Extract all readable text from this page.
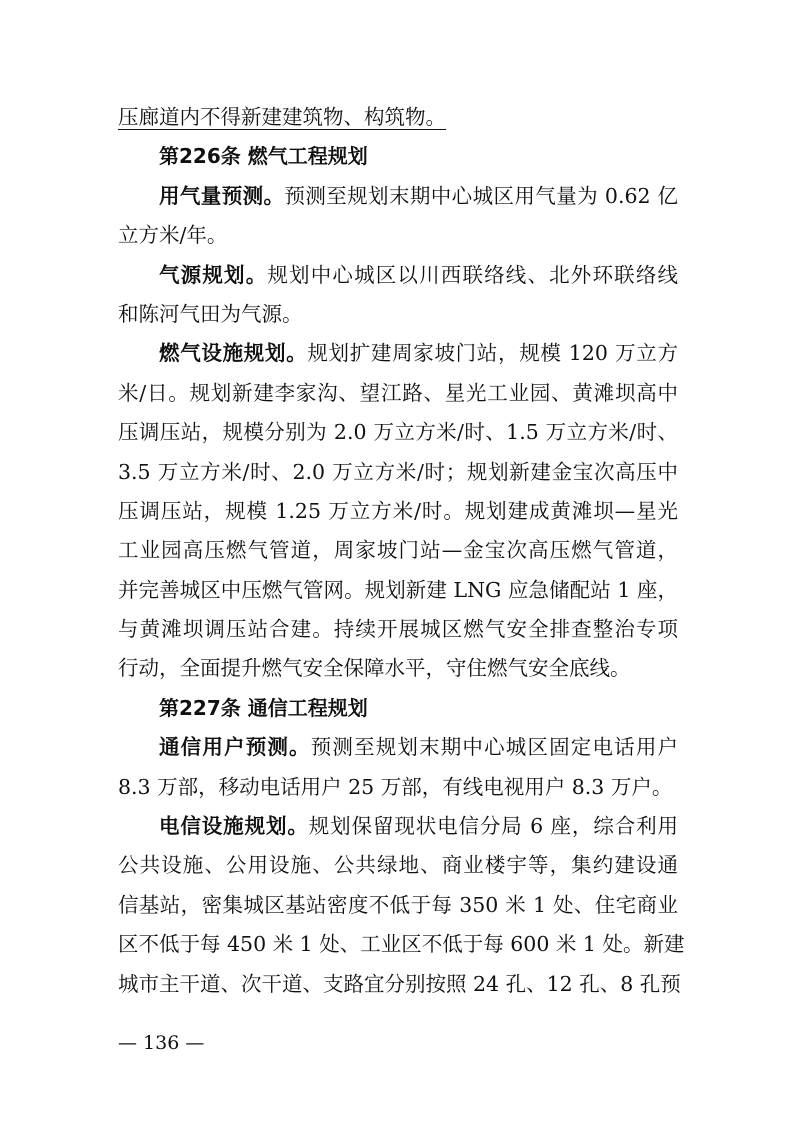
压廊道内不得新建建筑物、构筑物。

第226条 燃气工程规划

用气量预测。预测至规划末期中心城区用气量为 0.62 亿

立方米/年。

气源规划。规划中心城区以川西联络线、北外环联络线

和陈河气田为气源。

燃气设施规划。规划扩建周家坡门站，规模 120 万立方

米/日。规划新建李家沟、望江路、星光工业园、黄滩坝高中

压调压站，规模分别为 2.0 万立方米/时、1.5 万立方米/时、

3.5 万立方米/时、2.0 万立方米/时；规划新建金宝次高压中

压调压站，规模 1.25 万立方米/时。规划建成黄滩坝—星光

工业园高压燃气管道，周家坡门站—金宝次高压燃气管道，

并完善城区中压燃气管网。规划新建 LNG 应急储配站 1 座，

与黄滩坝调压站合建。持续开展城区燃气安全排查整治专项

行动，全面提升燃气安全保障水平，守住燃气安全底线。

第227条 通信工程规划

通信用户预测。预测至规划末期中心城区固定电话用户

8.3 万部，移动电话用户 25 万部，有线电视用户 8.3 万户。

电信设施规划。规划保留现状电信分局 6 座，综合利用

公共设施、公用设施、公共绿地、商业楼宇等，集约建设通

信基站，密集城区基站密度不低于每 350 米 1 处、住宅商业

区不低于每 450 米 1 处、工业区不低于每 600 米 1 处。新建

城市主干道、次干道、支路宜分别按照 24 孔、12 孔、8 孔预

— 136 —
